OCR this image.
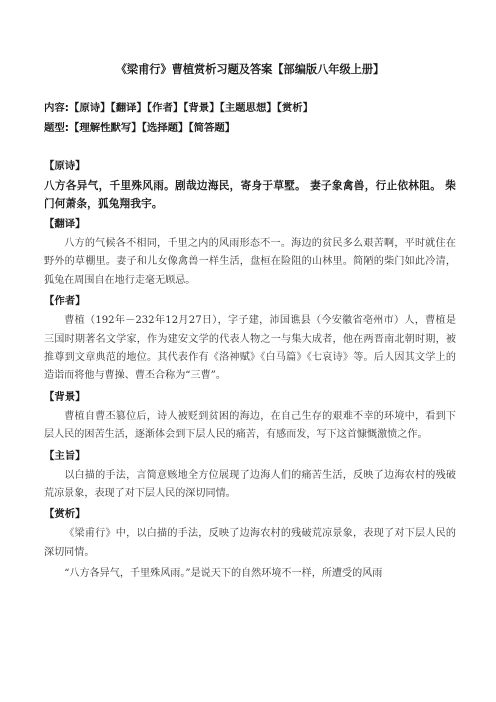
《梁甫行》曹植赏析习题及答案【部编版八年级上册】
内容:【原诗】【翻译】【作者】【背景】【主题思想】【赏析】
题型:【理解性默写】【选择题】【简答题】
【原诗】
八方各异气，千里殊风雨。剧哉边海民，寄身于草墅。 妻子象禽兽，行止依林阻。 柴门何萧条，狐兔翔我宇。
【翻译】
八方的气候各不相同，千里之内的风雨形态不一。海边的贫民多么艰苦啊，平时就住在野外的草棚里。妻子和儿女像禽兽一样生活，盘桓在险阻的山林里。简陋的柴门如此冷清，狐兔在周围自在地行走毫无顾忌。
【作者】
曹植（192年－232年12月27日），字子建，沛国谯县（今安徽省亳州市）人，曹植是三国时期著名文学家，作为建安文学的代表人物之一与集大成者，他在两晋南北朝时期，被推尊到文章典范的地位。其代表作有《洛神赋》《白马篇》《七哀诗》等。后人因其文学上的造诣而将他与曹操、曹丕合称为“三曹”。
【背景】
曹植自曹丕篡位后，诗人被贬到贫困的海边，在自己生存的艰难不幸的环境中，看到下层人民的困苦生活，逐渐体会到下层人民的痛苦，有感而发，写下这首慷慨激愤之作。
【主旨】
以白描的手法，言简意赅地全方位展现了边海人们的痛苦生活，反映了边海农村的残破荒凉景象，表现了对下层人民的深切同情。
【赏析】
《梁甫行》中，以白描的手法，反映了边海农村的残破荒凉景象，表现了对下层人民的深切同情。
“八方各异气，千里殊风雨。”是说天下的自然环境不一样，所遭受的风雨
